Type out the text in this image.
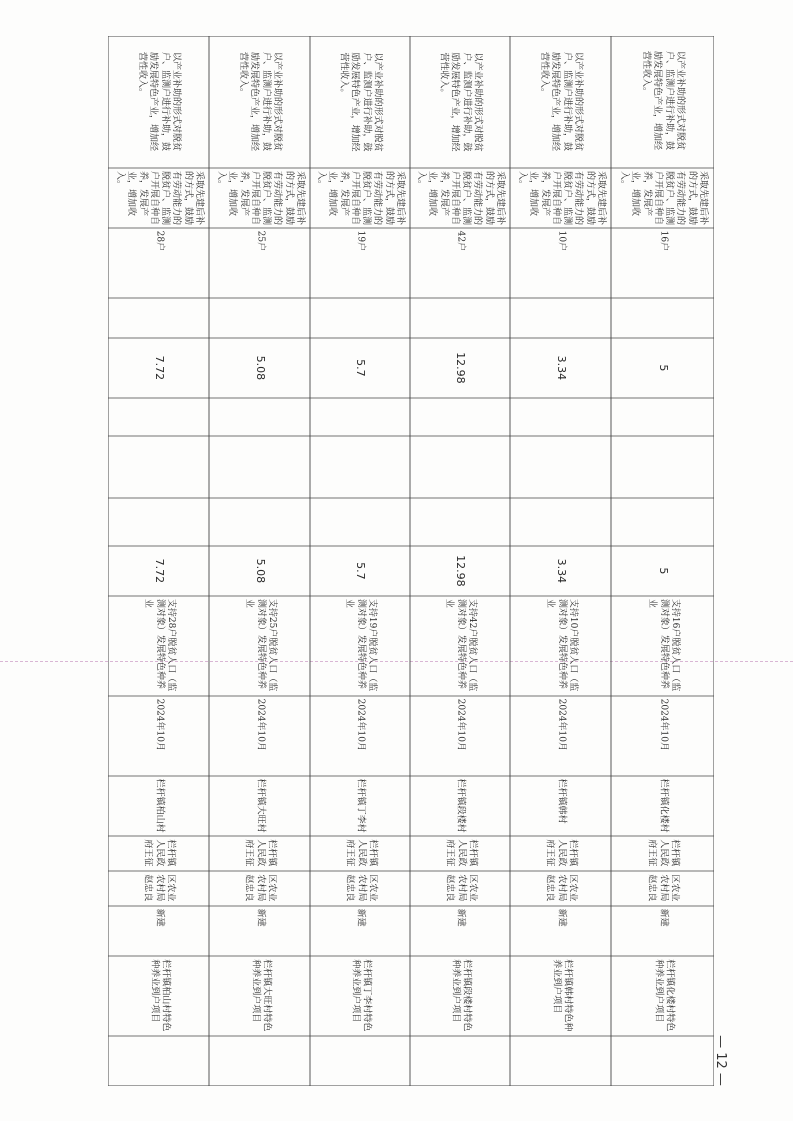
以产业补助的形式对脱贫户、监测户进行补助，鼓励发展特色产业，增加经营性收入。
采取先建后补的方式，鼓励有劳动能力的脱贫户、监测户开展自种自养，发展产业，增加收入。
28户
7.72
7.72
支持28户脱贫人口（监测对象）发展特色种养业
2024年10月
栏杆镇柏山村
栏杆镇人民政府王征
区农业农村局赵忠良
新建
栏杆镇柏山村特色种养业到户项目
以产业补助的形式对脱贫户、监测户进行补助，鼓励发展特色产业，增加经营性收入。
采取先建后补的方式，鼓励有劳动能力的脱贫户、监测户开展自种自养，发展产业，增加收入。
25户
5.08
5.08
支持25户脱贫人口（监测对象）发展特色种养业
2024年10月
栏杆镇大旺村
栏杆镇人民政府王征
区农业农村局赵忠良
新建
栏杆镇大旺村特色种养业到户项目
以产业补助的形式对脱贫户、监测户进行补助，鼓励发展特色产业，增加经营性收入。
采取先建后补的方式，鼓励有劳动能力的脱贫户、监测户开展自种自养，发展产业，增加收入。
19户
5.7
5.7
支持19户脱贫人口（监测对象）发展特色种养业
2024年10月
栏杆镇丁李村
栏杆镇人民政府王征
区农业农村局赵忠良
新建
栏杆镇丁李村特色种养业到户项目
以产业补助的形式对脱贫户、监测户进行补助，鼓励发展特色产业，增加经营性收入。
采取先建后补的方式，鼓励有劳动能力的脱贫户、监测户开展自种自养，发展产业，增加收入。
42户
12.98
12.98
支持42户脱贫人口（监测对象）发展特色种养业
2024年10月
栏杆镇段楼村
栏杆镇人民政府王征
区农业农村局赵忠良
新建
栏杆镇段楼村特色种养业到户项目
以产业补助的形式对脱贫户、监测户进行补助，鼓励发展特色产业，增加经营性收入。
采取先建后补的方式，鼓励有劳动能力的脱贫户、监测户开展自种自养，发展产业，增加收入。
10户
3.34
3.34
支持10户脱贫人口（监测对象）发展特色种养业
2024年10月
栏杆镇韩村
栏杆镇人民政府王征
区农业农村局赵忠良
新建
栏杆镇韩村特色种养业到户项目
以产业补助的形式对脱贫户、监测户进行补助，鼓励发展特色产业，增加经营性收入。
采取先建后补的方式，鼓励有劳动能力的脱贫户、监测户开展自种自养，发展产业，增加收入。
16户
5
5
支持16户脱贫人口（监测对象）发展特色种养业
2024年10月
栏杆镇化楼村
栏杆镇人民政府王征
区农业农村局赵忠良
新建
栏杆镇化楼村特色种养业到户项目
— 12 —
